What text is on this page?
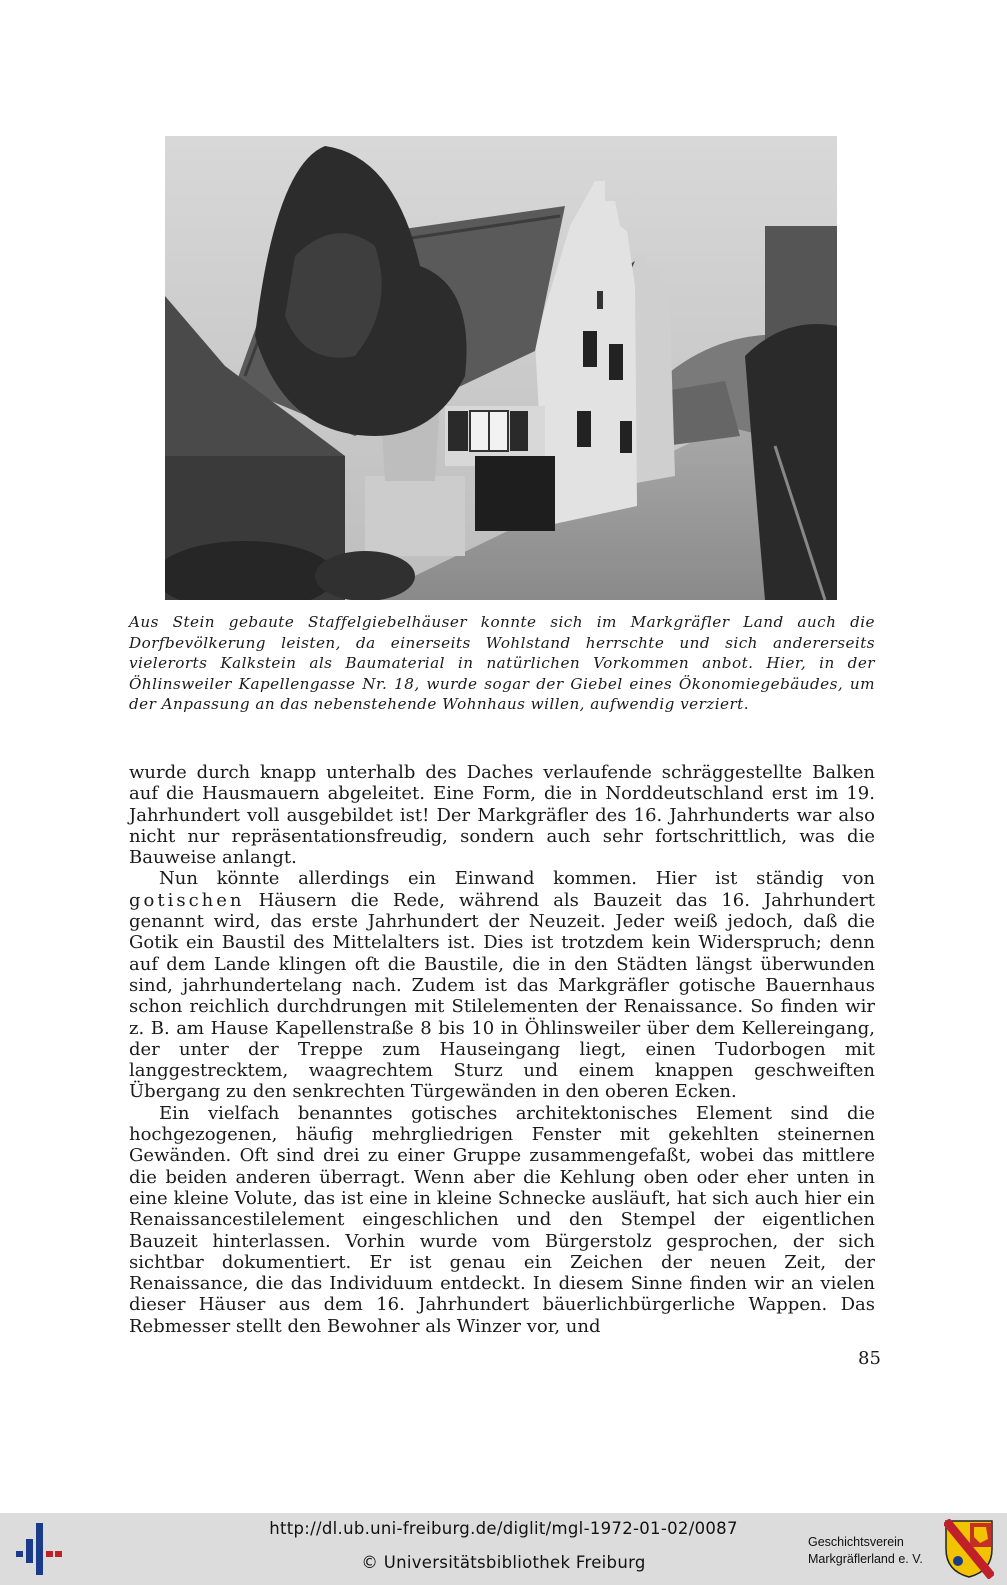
Aus Stein gebaute Staffelgiebelhäuser konnte sich im Markgräfler Land auch die Dorfbevölkerung leisten, da einerseits Wohlstand herrschte und sich andererseits vielerorts Kalkstein als Baumaterial in natürlichen Vorkommen anbot. Hier, in der Öhlinsweiler Kapellengasse Nr. 18, wurde sogar der Giebel eines Ökonomiegebäudes, um der Anpassung an das nebenstehende Wohnhaus willen, aufwendig verziert.

wurde durch knapp unterhalb des Daches verlaufende schräggestellte Balken auf die Hausmauern abgeleitet. Eine Form, die in Norddeutschland erst im 19. Jahrhundert voll ausgebildet ist! Der Markgräfler des 16. Jahrhunderts war also nicht nur repräsentationsfreudig, sondern auch sehr fortschrittlich, was die Bauweise anlangt.

Nun könnte allerdings ein Einwand kommen. Hier ist ständig von gotischen Häusern die Rede, während als Bauzeit das 16. Jahrhundert genannt wird, das erste Jahrhundert der Neuzeit. Jeder weiß jedoch, daß die Gotik ein Baustil des Mittelalters ist. Dies ist trotzdem kein Widerspruch; denn auf dem Lande klingen oft die Baustile, die in den Städten längst überwunden sind, jahrhundertelang nach. Zudem ist das Markgräfler gotische Bauernhaus schon reichlich durchdrungen mit Stilelementen der Renaissance. So finden wir z. B. am Hause Kapellenstraße 8 bis 10 in Öhlinsweiler über dem Kellereingang, der unter der Treppe zum Hauseingang liegt, einen Tudorbogen mit langgestrecktem, waagrechtem Sturz und einem knappen geschweiften Übergang zu den senkrechten Türgewänden in den oberen Ecken.

Ein vielfach benanntes gotisches architektonisches Element sind die hochgezogenen, häufig mehrgliedrigen Fenster mit gekehlten steinernen Gewänden. Oft sind drei zu einer Gruppe zusammengefaßt, wobei das mittlere die beiden anderen überragt. Wenn aber die Kehlung oben oder eher unten in eine kleine Volute, das ist eine in kleine Schnecke ausläuft, hat sich auch hier ein Renaissancestilelement eingeschlichen und den Stempel der eigentlichen Bauzeit hinterlassen. Vorhin wurde vom Bürgerstolz gesprochen, der sich sichtbar dokumentiert. Er ist genau ein Zeichen der neuen Zeit, der Renaissance, die das Individuum entdeckt. In diesem Sinne finden wir an vielen dieser Häuser aus dem 16. Jahrhundert bäuerlichbürgerliche Wappen. Das Rebmesser stellt den Bewohner als Winzer vor, und

85
http://dl.ub.uni-freiburg.de/diglit/mgl-1972-01-02/0087
© Universitätsbibliothek Freiburg
Geschichtsverein
Markgräflerland e. V.
